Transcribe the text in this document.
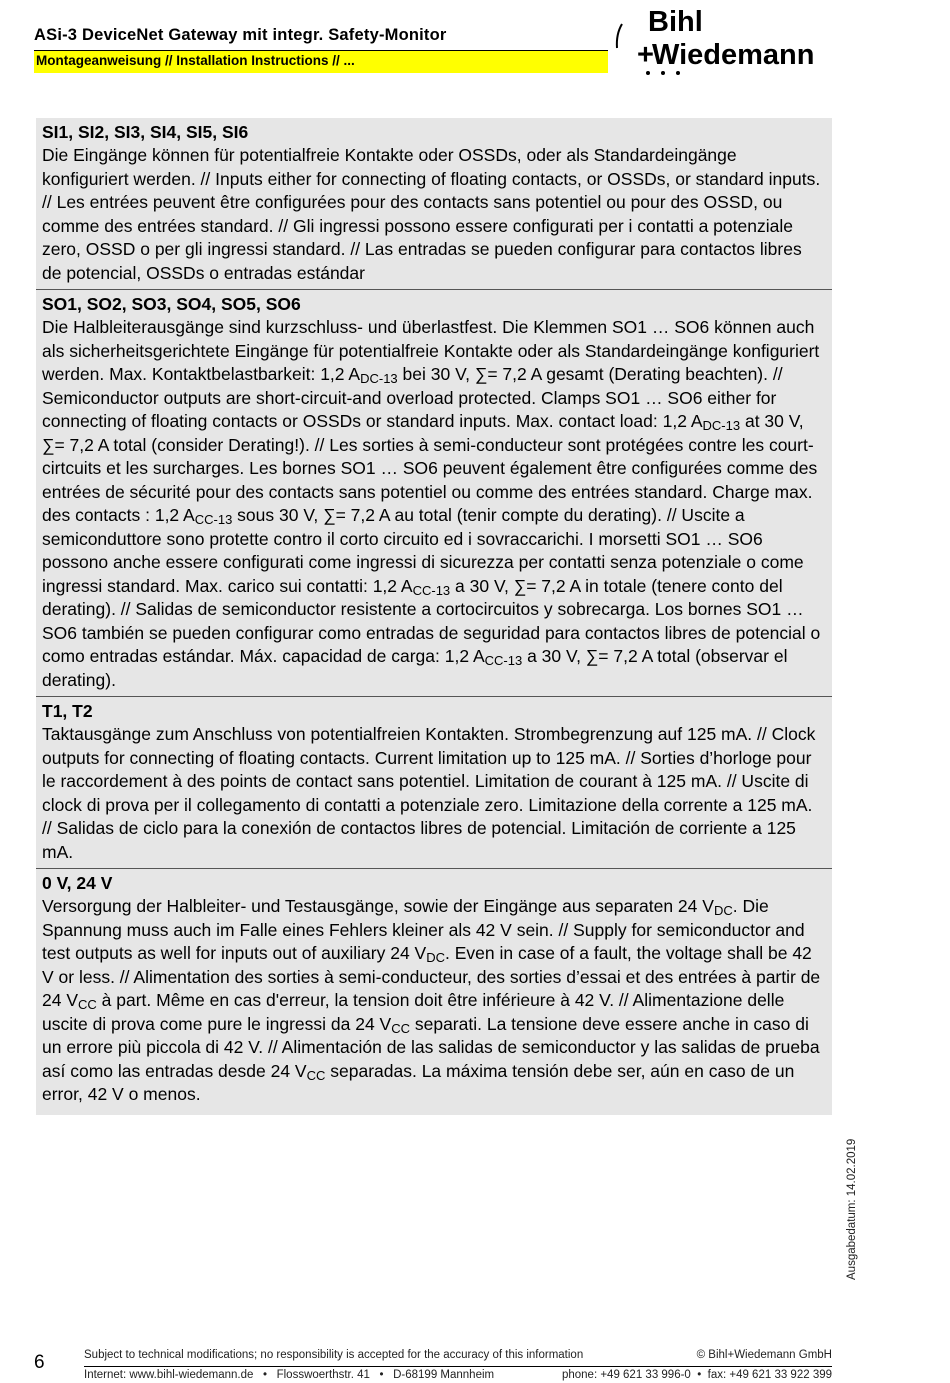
ASi-3 DeviceNet Gateway mit integr. Safety-Monitor
Montageanweisung // Installation Instructions // ...
Bihl
+
Wiedemann
SI1, SI2, SI3, SI4, SI5, SI6
Die Eingänge können für potentialfreie Kontakte oder OSSDs, oder als Standardeingänge konfiguriert werden. // Inputs either for connecting of floating contacts, or OSSDs, or standard inputs. // Les entrées peuvent être configurées pour des contacts sans potentiel ou pour des OSSD, ou comme des entrées standard. // Gli ingressi possono essere configurati per i contatti a potenziale zero, OSSD o per gli ingressi standard. // Las entradas se pueden configurar para contactos libres de potencial, OSSDs o entradas estándar
SO1, SO2, SO3, SO4, SO5, SO6
Die Halbleiterausgänge sind kurzschluss- und überlastfest. Die Klemmen SO1 … SO6 können auch als sicherheitsgerichtete Eingänge für potentialfreie Kontakte oder als Standardeingänge konfiguriert werden. Max. Kontaktbelastbarkeit: 1,2 $A_{DC-13}$ bei 30 V, ∑= 7,2 A gesamt (Derating beachten). // Semiconductor outputs are short-circuit-and overload protected. Clamps SO1 … SO6 either for connecting of floating contacts or OSSDs or standard inputs. Max. contact load: 1,2 $A_{DC-13}$ at 30 V, ∑= 7,2 A total (consider Derating!). // Les sorties à semi-conducteur sont protégées contre les court-cirtcuits et les surcharges. Les bornes SO1 … SO6 peuvent également être configurées comme des entrées de sécurité pour des contacts sans potentiel ou comme des entrées standard. Charge max. des contacts : 1,2 $A_{CC-13}$ sous 30 V, ∑= 7,2 A au total (tenir compte du derating). // Uscite a semiconduttore sono protette contro il corto circuito ed i sovraccarichi. I morsetti SO1 … SO6 possono anche essere configurati come ingressi di sicurezza per contatti senza potenziale o come ingressi standard. Max. carico sui contatti: 1,2 $A_{CC-13}$ a 30 V, ∑= 7,2 A in totale (tenere conto del derating). // Salidas de semiconductor resistente a cortocircuitos y sobrecarga. Los bornes SO1 … SO6 también se pueden configurar como entradas de seguridad para contactos libres de potencial o como entradas estándar. Máx. capacidad de carga: 1,2 $A_{CC-13}$ a 30 V, ∑= 7,2 A total (observar el derating).
T1, T2
Taktausgänge zum Anschluss von potentialfreien Kontakten. Strombegrenzung auf 125 mA. // Clock outputs for connecting of floating contacts. Current limitation up to 125 mA. // Sorties d’horloge pour le raccordement à des points de contact sans potentiel. Limitation de courant à 125 mA. // Uscite di clock di prova per il collegamento di contatti a potenziale zero. Limitazione della corrente a 125 mA. // Salidas de ciclo para la conexión de contactos libres de potencial. Limitación de corriente a 125 mA.
0 V, 24 V
Versorgung der Halbleiter- und Testausgänge, sowie der Eingänge aus separaten 24 $V_{DC}$. Die Spannung muss auch im Falle eines Fehlers kleiner als 42 V sein. // Supply for semiconductor and test outputs as well for inputs out of auxiliary 24 $V_{DC}$. Even in case of a fault, the voltage shall be 42 V or less. // Alimentation des sorties à semi-conducteur, des sorties d’essai et des entrées à partir de 24 $V_{CC}$ à part. Même en cas d'erreur, la tension doit être inférieure à 42 V. // Alimentazione delle uscite di prova come pure le ingressi da 24 $V_{CC}$ separati. La tensione deve essere anche in caso di un errore più piccola di 42 V. // Alimentación de las salidas de semiconductor y las salidas de prueba así como las entradas desde 24 $V_{CC}$ separadas. La máxima tensión debe ser, aún en caso de un error, 42 V o menos.
Ausgabedatum: 14.02.2019
6	Subject to technical modifications; no responsibility is accepted for the accuracy of this information	© Bihl+Wiedemann GmbH
Internet: www.bihl-wiedemann.de   •   Flosswoerthstr. 41   •   D-68199 Mannheim	phone: +49 621 33 996-0  •  fax: +49 621 33 922 399
